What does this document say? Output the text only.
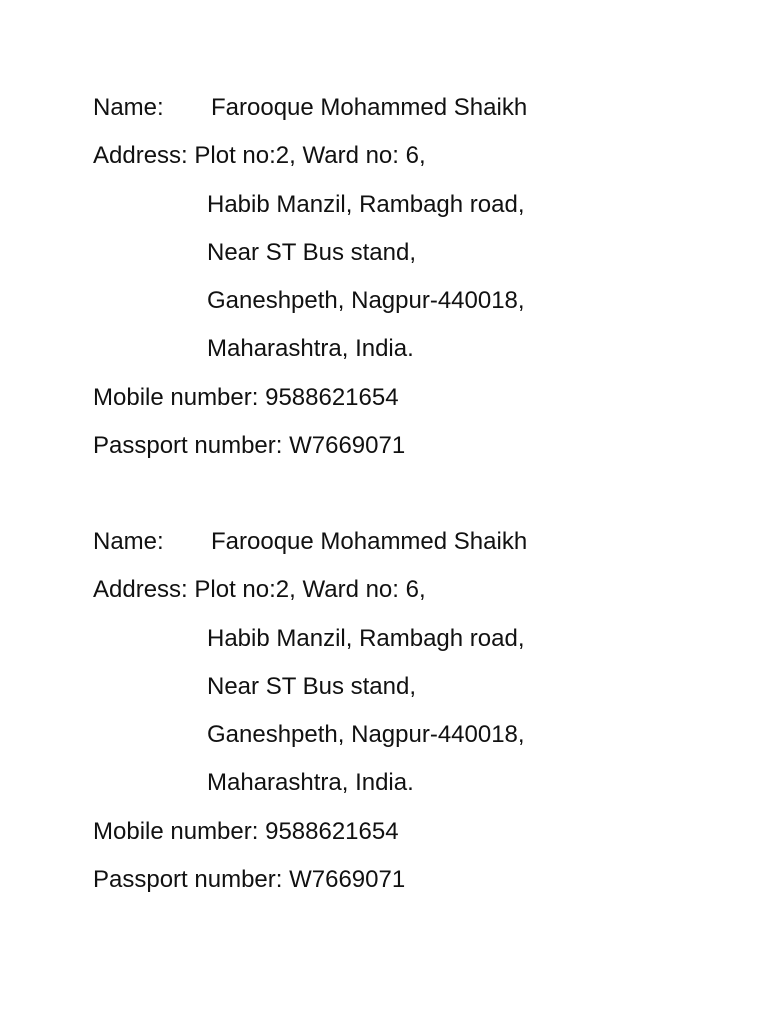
Name: Farooque Mohammed Shaikh
Address: Plot no:2, Ward no: 6,
Habib Manzil, Rambagh road,
Near ST Bus stand,
Ganeshpeth, Nagpur-440018,
Maharashtra, India.
Mobile number: 9588621654
Passport number: W7669071
Name: Farooque Mohammed Shaikh
Address: Plot no:2, Ward no: 6,
Habib Manzil, Rambagh road,
Near ST Bus stand,
Ganeshpeth, Nagpur-440018,
Maharashtra, India.
Mobile number: 9588621654
Passport number: W7669071
